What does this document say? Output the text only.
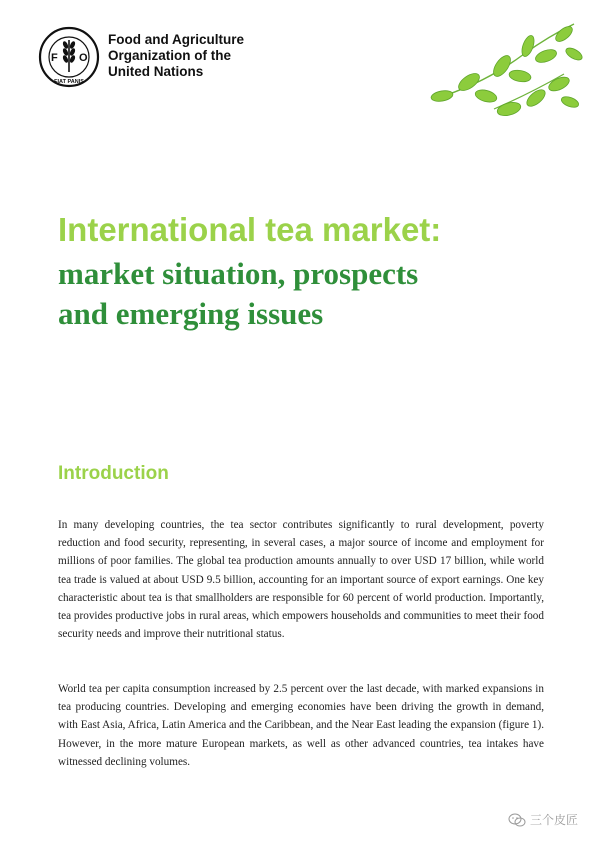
F O
FIAT PANIS
Food and Agriculture
Organization of the
United Nations
International tea market:
market situation, prospects
and emerging issues
Introduction

In many developing countries, the tea sector contributes significantly to rural development, poverty reduction and food security, representing, in several cases, a major source of income and employment for millions of poor families. The global tea production amounts annually to over USD 17 billion, while world tea trade is valued at about USD 9.5 billion, accounting for an important source of export earnings. One key characteristic about tea is that smallholders are responsible for 60 percent of world production. Importantly, tea provides productive jobs in rural areas, which empowers households and communities to meet their food security needs and improve their nutritional status.

World tea per capita consumption increased by 2.5 percent over the last decade, with marked expansions in tea producing countries. Developing and emerging economies have been driving the growth in demand, with East Asia, Africa, Latin America and the Caribbean, and the Near East leading the expansion (figure 1). However, in the more mature European markets, as well as other advanced countries, tea intakes have witnessed declining volumes.

三个皮匠
